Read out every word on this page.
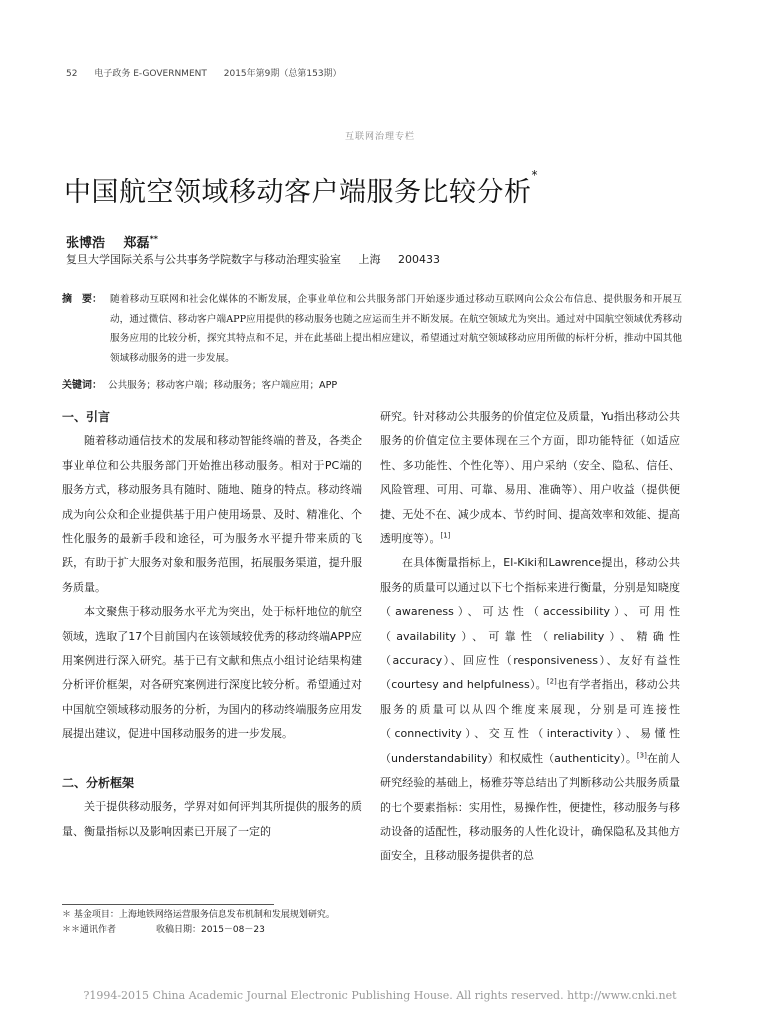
52 电子政务 E-GOVERNMENT 2015年第9期（总第153期）
互联网治理专栏
中国航空领域移动客户端服务比较分析*
张博浩 郑磊**
复旦大学国际关系与公共事务学院数字与移动治理实验室 上海 200433
摘　要： 随着移动互联网和社会化媒体的不断发展，企事业单位和公共服务部门开始逐步通过移动互联网向公众公布信息、提供服务和开展互动，通过微信、移动客户端APP应用提供的移动服务也随之应运而生并不断发展。在航空领域尤为突出。通过对中国航空领域优秀移动服务应用的比较分析，探究其特点和不足，并在此基础上提出相应建议，希望通过对航空领域移动应用所做的标杆分析，推动中国其他领域移动服务的进一步发展。
关键词： 公共服务；移动客户端；移动服务；客户端应用；APP
一、引言

随着移动通信技术的发展和移动智能终端的普及，各类企事业单位和公共服务部门开始推出移动服务。相对于PC端的服务方式，移动服务具有随时、随地、随身的特点。移动终端成为向公众和企业提供基于用户使用场景、及时、精准化、个性化服务的最新手段和途径，可为服务水平提升带来质的飞跃，有助于扩大服务对象和服务范围，拓展服务渠道，提升服务质量。

本文聚焦于移动服务水平尤为突出，处于标杆地位的航空领域，选取了17个目前国内在该领域较优秀的移动终端APP应用案例进行深入研究。基于已有文献和焦点小组讨论结果构建分析评价框架，对各研究案例进行深度比较分析。希望通过对中国航空领域移动服务的分析，为国内的移动终端服务应用发展提出建议，促进中国移动服务的进一步发展。

二、分析框架

关于提供移动服务，学界对如何评判其所提供的服务的质量、衡量指标以及影响因素已开展了一定的

研究。针对移动公共服务的价值定位及质量，Yu指出移动公共服务的价值定位主要体现在三个方面，即功能特征（如适应性、多功能性、个性化等）、用户采纳（安全、隐私、信任、风险管理、可用、可靠、易用、准确等）、用户收益（提供便捷、无处不在、减少成本、节约时间、提高效率和效能、提高透明度等）。[1]

在具体衡量指标上，El-Kiki和Lawrence提出，移动公共服务的质量可以通过以下七个指标来进行衡量，分别是知晓度（awareness）、可达性（accessibility）、可用性（availability）、可靠性（reliability）、精确性（accuracy）、回应性（responsiveness）、友好有益性（courtesy and helpfulness）。[2]也有学者指出，移动公共服务的质量可以从四个维度来展现，分别是可连接性（connectivity）、交互性（interactivity）、易懂性（understandability）和权威性（authenticity）。[3]在前人研究经验的基础上，杨雅芬等总结出了判断移动公共服务质量的七个要素指标：实用性，易操作性，便捷性，移动服务与移动设备的适配性，移动服务的人性化设计，确保隐私及其他方面安全，且移动服务提供者的总

＊ 基金项目：上海地铁网络运营服务信息发布机制和发展规划研究。
＊＊通讯作者	收稿日期：2015－08－23
?1994-2015 China Academic Journal Electronic Publishing House. All rights reserved. http://www.cnki.net
